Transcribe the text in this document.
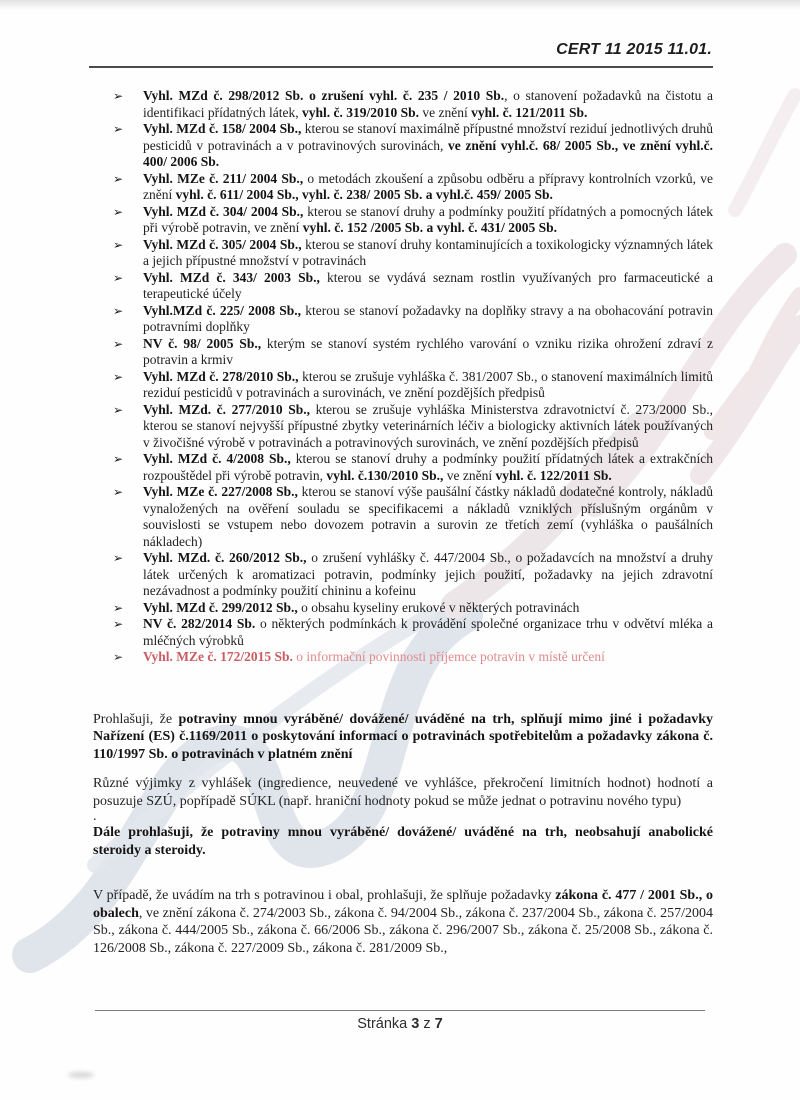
CERT 11 2015 11.01.
➢ Vyhl. MZd č. 298/2012 Sb. o zrušení vyhl. č. 235 / 2010 Sb., o stanovení požadavků na čistotu a identifikaci přídatných látek, vyhl. č. 319/2010 Sb. ve znění vyhl. č. 121/2011 Sb.
➢ Vyhl. MZd č. 158/ 2004 Sb., kterou se stanoví maximálně přípustné množství reziduí jednotlivých druhů pesticidů v potravinách a v potravinových surovinách, ve znění vyhl.č. 68/ 2005 Sb., ve znění vyhl.č. 400/ 2006 Sb.
➢ Vyhl. MZe č. 211/ 2004 Sb., o metodách zkoušení a způsobu odběru a přípravy kontrolních vzorků, ve znění vyhl. č. 611/ 2004 Sb., vyhl. č. 238/ 2005 Sb. a vyhl.č. 459/ 2005 Sb.
➢ Vyhl. MZd č. 304/ 2004 Sb., kterou se stanoví druhy a podmínky použití přídatných a pomocných látek při výrobě potravin, ve znění vyhl. č. 152 /2005 Sb. a vyhl. č. 431/ 2005 Sb.
➢ Vyhl. MZd č. 305/ 2004 Sb., kterou se stanoví druhy kontaminujících a toxikologicky významných látek a jejich přípustné množství v potravinách
➢ Vyhl. MZd č. 343/ 2003 Sb., kterou se vydává seznam rostlin využívaných pro farmaceutické a terapeutické účely
➢ Vyhl.MZd č. 225/ 2008 Sb., kterou se stanoví požadavky na doplňky stravy a na obohacování potravin potravními doplňky
➢ NV č. 98/ 2005 Sb., kterým se stanoví systém rychlého varování o vzniku rizika ohrožení zdraví z potravin a krmiv
➢ Vyhl. MZd č. 278/2010 Sb., kterou se zrušuje vyhláška č. 381/2007 Sb., o stanovení maximálních limitů reziduí pesticidů v potravinách a surovinách, ve znění pozdějších předpisů
➢ Vyhl. MZd. č. 277/2010 Sb., kterou se zrušuje vyhláška Ministerstva zdravotnictví č. 273/2000 Sb., kterou se stanoví nejvyšší přípustné zbytky veterinárních léčiv a biologicky aktivních látek používaných v živočišné výrobě v potravinách a potravinových surovinách, ve znění pozdějších předpisů
➢ Vyhl. MZd č. 4/2008 Sb., kterou se stanoví druhy a podmínky použití přídatných látek a extrakčních rozpouštědel při výrobě potravin, vyhl. č.130/2010 Sb., ve znění vyhl. č. 122/2011 Sb.
➢ Vyhl. MZe č. 227/2008 Sb., kterou se stanoví výše paušální částky nákladů dodatečné kontroly, nákladů vynaložených na ověření souladu se specifikacemi a nákladů vzniklých příslušným orgánům v souvislosti se vstupem nebo dovozem potravin a surovin ze třetích zemí (vyhláška o paušálních nákladech)
➢ Vyhl. MZd. č. 260/2012 Sb., o zrušení vyhlášky č. 447/2004 Sb., o požadavcích na množství a druhy látek určených k aromatizaci potravin, podmínky jejich použití, požadavky na jejich zdravotní nezávadnost a podmínky použití chininu a kofeinu
➢ Vyhl. MZd č. 299/2012 Sb., o obsahu kyseliny erukové v některých potravinách
➢ NV č. 282/2014 Sb. o některých podmínkách k provádění společné organizace trhu v odvětví mléka a mléčných výrobků
➢ Vyhl. MZe č. 172/2015 Sb. o informační povinnosti příjemce potravin v místě určení

Prohlašuji, že potraviny mnou vyráběné/ dovážené/ uváděné na trh, splňují mimo jiné i požadavky Nařízení (ES) č.1169/2011 o poskytování informací o potravinách spotřebitelům a požadavky zákona č. 110/1997 Sb. o potravinách v platném znění

Různé výjimky z vyhlášek (ingredience, neuvedené ve vyhlášce, překročení limitních hodnot) hodnotí a posuzuje SZÚ, popřípadě SÚKL (např. hraniční hodnoty pokud se může jednat o potravinu nového typu)

.

Dále prohlašuji, že potraviny mnou vyráběné/ dovážené/ uváděné na trh, neobsahují anabolické steroidy a steroidy.

V případě, že uvádím na trh s potravinou i obal, prohlašuji, že splňuje požadavky zákona č. 477 / 2001 Sb., o obalech, ve znění zákona č. 274/2003 Sb., zákona č. 94/2004 Sb., zákona č. 237/2004 Sb., zákona č. 257/2004 Sb., zákona č. 444/2005 Sb., zákona č. 66/2006 Sb., zákona č. 296/2007 Sb., zákona č. 25/2008 Sb., zákona č. 126/2008 Sb., zákona č. 227/2009 Sb., zákona č. 281/2009 Sb.,

Stránka 3 z 7
